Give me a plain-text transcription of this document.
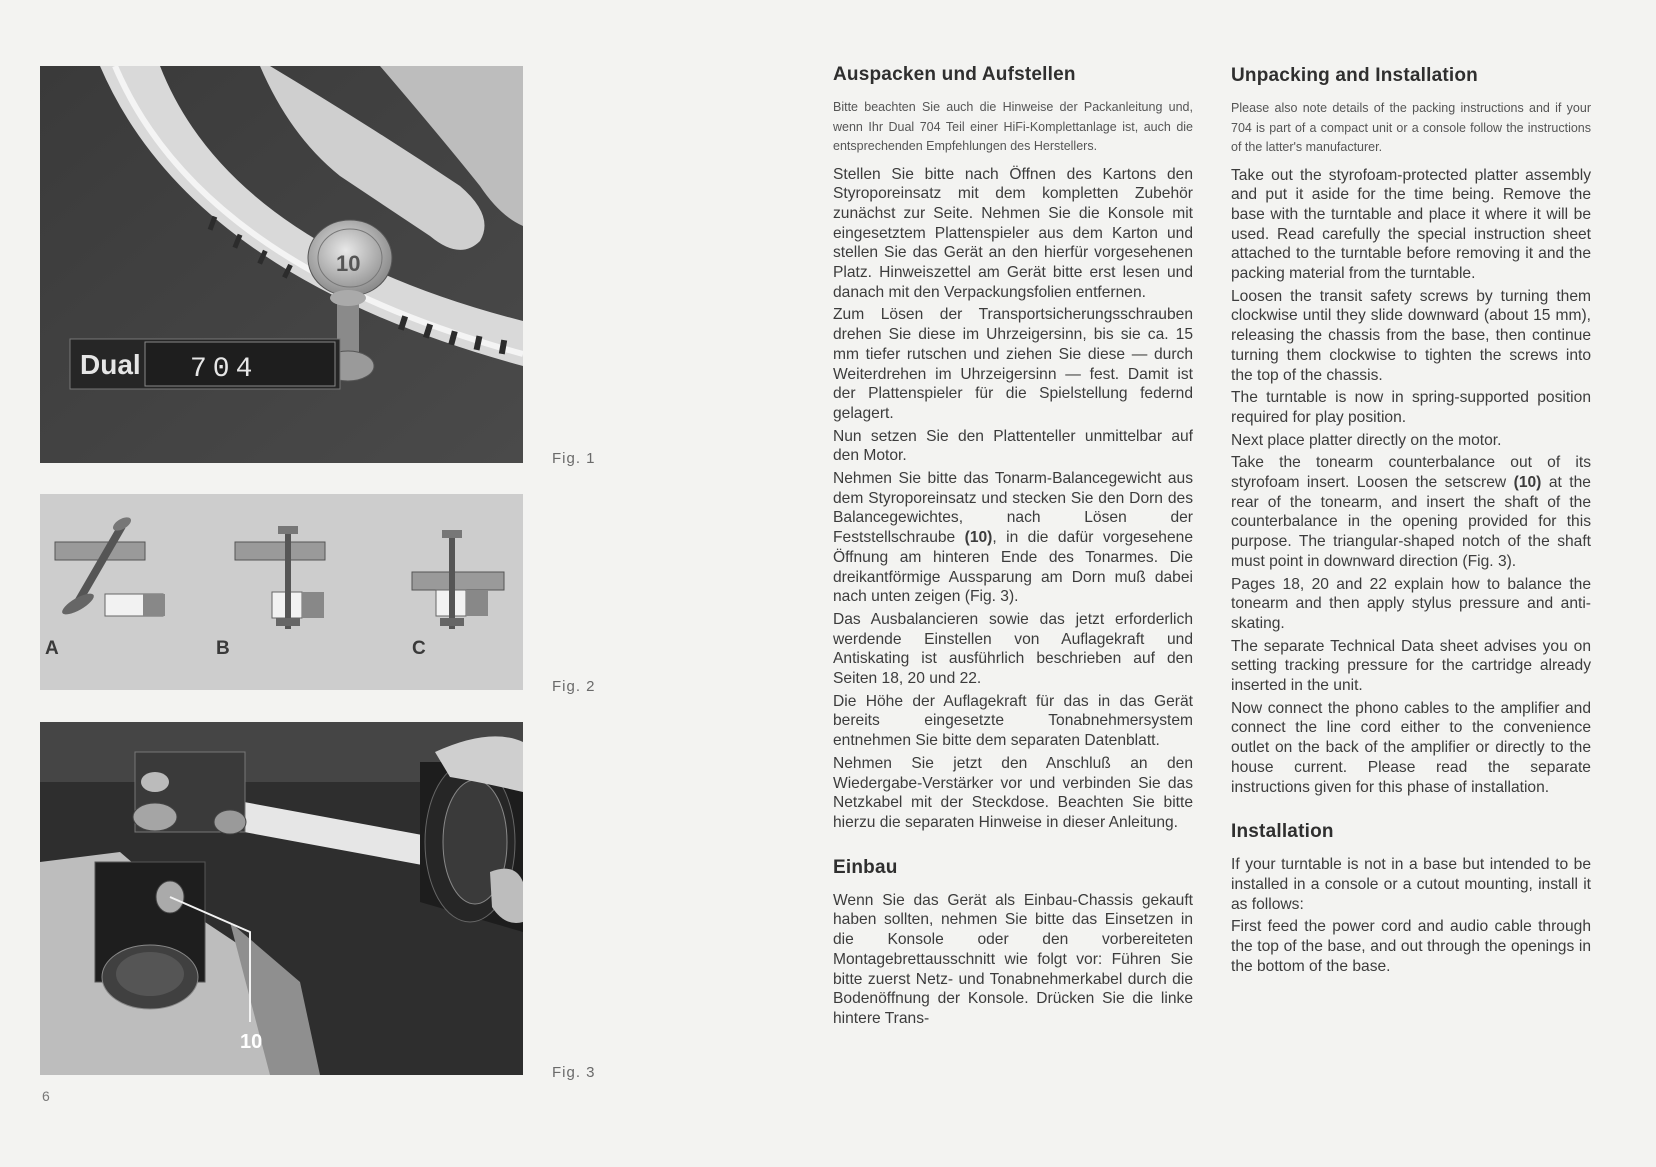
10
Dual 704
Fig. 1
A	B	C
Fig. 2
10
Fig. 3
6
Auspacken und Aufstellen

Bitte beachten Sie auch die Hinweise der Packanleitung und, wenn Ihr Dual 704 Teil einer HiFi-Komplettanlage ist, auch die entsprechenden Empfehlungen des Herstellers.

Stellen Sie bitte nach Öffnen des Kartons den Styroporeinsatz mit dem kompletten Zubehör zunächst zur Seite. Nehmen Sie die Konsole mit eingesetztem Plattenspieler aus dem Karton und stellen Sie das Gerät an den hierfür vorgesehenen Platz. Hinweiszettel am Gerät bitte erst lesen und danach mit den Verpackungsfolien entfernen.

Zum Lösen der Transportsicherungsschrauben drehen Sie diese im Uhrzeigersinn, bis sie ca. 15 mm tiefer rutschen und ziehen Sie diese — durch Weiterdrehen im Uhrzeigersinn — fest. Damit ist der Plattenspieler für die Spielstellung federnd gelagert.

Nun setzen Sie den Plattenteller unmittelbar auf den Motor.

Nehmen Sie bitte das Tonarm-Balancegewicht aus dem Styroporeinsatz und stecken Sie den Dorn des Balancegewichtes, nach Lösen der Feststellschraube (10), in die dafür vorgesehene Öffnung am hinteren Ende des Tonarmes. Die dreikantförmige Aussparung am Dorn muß dabei nach unten zeigen (Fig. 3).

Das Ausbalancieren sowie das jetzt erforderlich werdende Einstellen von Auflagekraft und Antiskating ist ausführlich beschrieben auf den Seiten 18, 20 und 22.

Die Höhe der Auflagekraft für das in das Gerät bereits eingesetzte Tonabnehmersystem entnehmen Sie bitte dem separaten Datenblatt.

Nehmen Sie jetzt den Anschluß an den Wiedergabe-Verstärker vor und verbinden Sie das Netzkabel mit der Steckdose. Beachten Sie bitte hierzu die separaten Hinweise in dieser Anleitung.

Einbau

Wenn Sie das Gerät als Einbau-Chassis gekauft haben sollten, nehmen Sie bitte das Einsetzen in die Konsole oder den vorbereiteten Montagebrettausschnitt wie folgt vor: Führen Sie bitte zuerst Netz- und Tonabnehmerkabel durch die Bodenöffnung der Konsole. Drücken Sie die linke hintere Trans-

Unpacking and Installation

Please also note details of the packing instructions and if your 704 is part of a compact unit or a console follow the instructions of the latter's manufacturer.

Take out the styrofoam-protected platter assembly and put it aside for the time being. Remove the base with the turntable and place it where it will be used. Read carefully the special instruction sheet attached to the turntable before removing it and the packing material from the turntable.

Loosen the transit safety screws by turning them clockwise until they slide downward (about 15 mm), releasing the chassis from the base, then continue turning them clockwise to tighten the screws into the top of the chassis.

The turntable is now in spring-supported position required for play position.

Next place platter directly on the motor.

Take the tonearm counterbalance out of its styrofoam insert. Loosen the setscrew (10) at the rear of the tonearm, and insert the shaft of the counterbalance in the opening provided for this purpose. The triangular-shaped notch of the shaft must point in downward direction (Fig. 3).

Pages 18, 20 and 22 explain how to balance the tonearm and then apply stylus pressure and anti-skating.

The separate Technical Data sheet advises you on setting tracking pressure for the cartridge already inserted in the unit.

Now connect the phono cables to the amplifier and connect the line cord either to the convenience outlet on the back of the amplifier or directly to the house current. Please read the separate instructions given for this phase of installation.

Installation

If your turntable is not in a base but intended to be installed in a console or a cutout mounting, install it as follows:

First feed the power cord and audio cable through the top of the base, and out through the openings in the bottom of the base.
